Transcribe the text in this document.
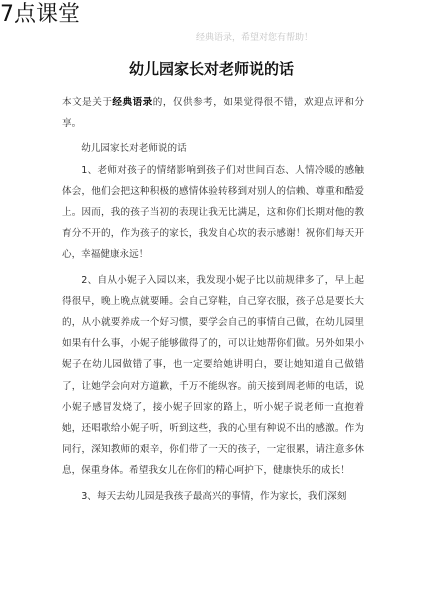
7点课堂
经典语录，希望对您有帮助！
幼儿园家长对老师说的话

本文是关于经典语录的，仅供参考，如果觉得很不错，欢迎点评和分享。

幼儿园家长对老师说的话

1、老师对孩子的情绪影响到孩子们对世间百态、人情冷暖的感触体会，他们会把这种积极的感情体验转移到对别人的信赖、尊重和酷爱上。因而，我的孩子当初的表现让我无比满足，这和你们长期对他的教育分不开的，作为孩子的家长，我发自心坎的表示感谢！祝你们每天开心，幸福健康永远！

2、自从小妮子入园以来，我发现小妮子比以前规律多了，早上起得很早，晚上晚点就要睡。会自己穿鞋，自己穿衣服，孩子总是要长大的，从小就要养成一个好习惯，要学会自己的事情自己做，在幼儿园里如果有什么事，小妮子能够做得了的，可以让她帮你们做。另外如果小妮子在幼儿园做错了事，也一定要给她讲明白，要让她知道自己做错了，让她学会向对方道歉，千万不能纵容。前天接到周老师的电话，说小妮子感冒发烧了，接小妮子回家的路上，听小妮子说老师一直抱着她，还唱歌给小妮子听，听到这些，我的心里有种说不出的感激。作为同行，深知教师的艰辛，你们带了一天的孩子，一定很累，请注意多休息，保重身体。希望我女儿在你们的精心呵护下，健康快乐的成长！

3、每天去幼儿园是我孩子最高兴的事情，作为家长，我们深刻
